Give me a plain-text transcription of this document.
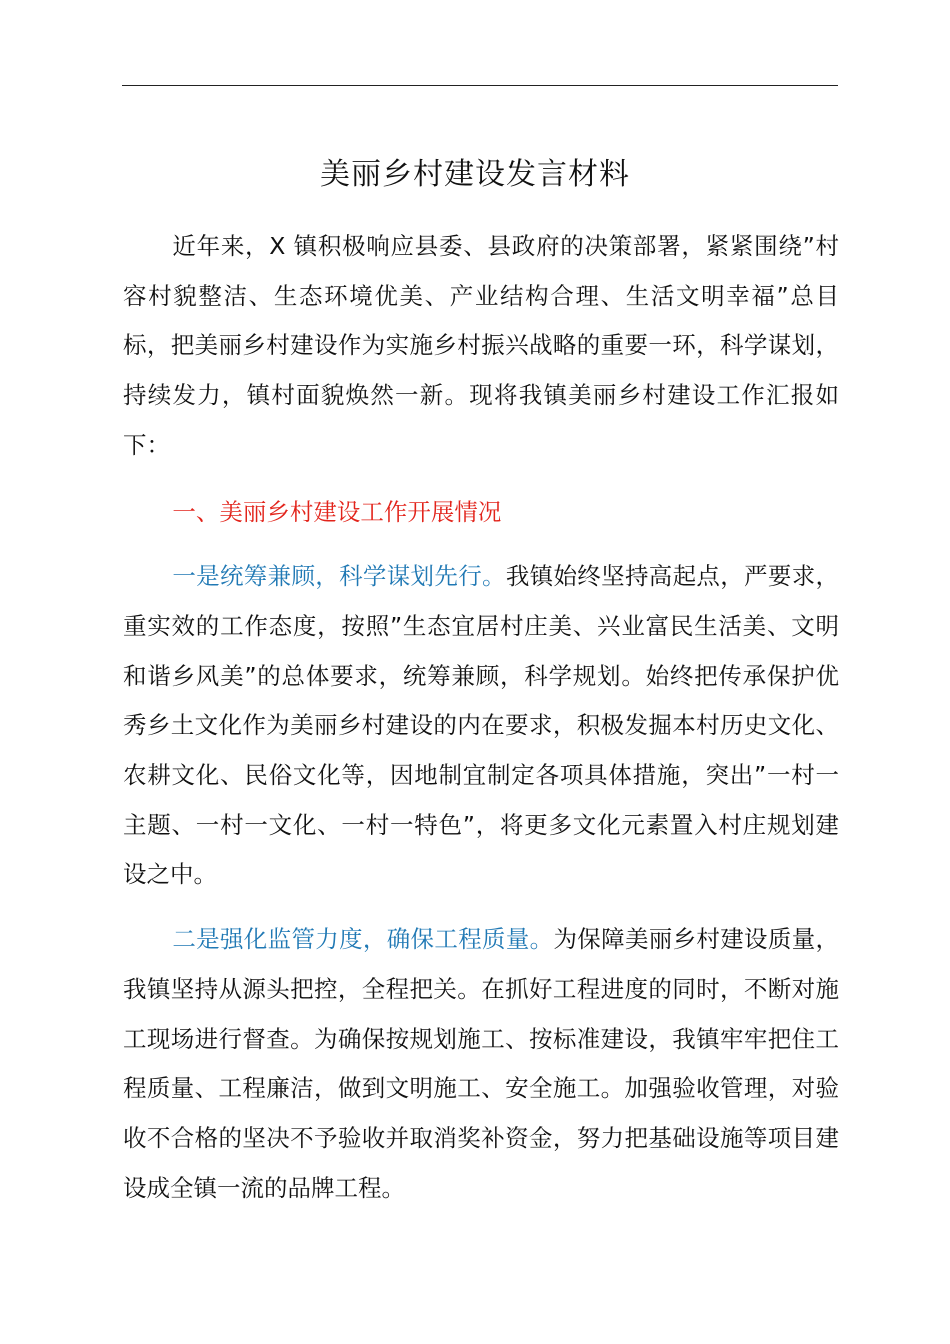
美丽乡村建设发言材料

近年来，X 镇积极响应县委、县政府的决策部署，紧紧围绕”村容村貌整洁、生态环境优美、产业结构合理、生活文明幸福”总目标，把美丽乡村建设作为实施乡村振兴战略的重要一环，科学谋划，持续发力，镇村面貌焕然一新。现将我镇美丽乡村建设工作汇报如下：

一、美丽乡村建设工作开展情况

一是统筹兼顾，科学谋划先行。我镇始终坚持高起点，严要求，重实效的工作态度，按照”生态宜居村庄美、兴业富民生活美、文明和谐乡风美”的总体要求，统筹兼顾，科学规划。始终把传承保护优秀乡土文化作为美丽乡村建设的内在要求，积极发掘本村历史文化、农耕文化、民俗文化等，因地制宜制定各项具体措施，突出”一村一主题、一村一文化、一村一特色”，将更多文化元素置入村庄规划建设之中。

二是强化监管力度，确保工程质量。为保障美丽乡村建设质量，我镇坚持从源头把控，全程把关。在抓好工程进度的同时，不断对施工现场进行督查。为确保按规划施工、按标准建设，我镇牢牢把住工程质量、工程廉洁，做到文明施工、安全施工。加强验收管理，对验收不合格的坚决不予验收并取消奖补资金，努力把基础设施等项目建设成全镇一流的品牌工程。
